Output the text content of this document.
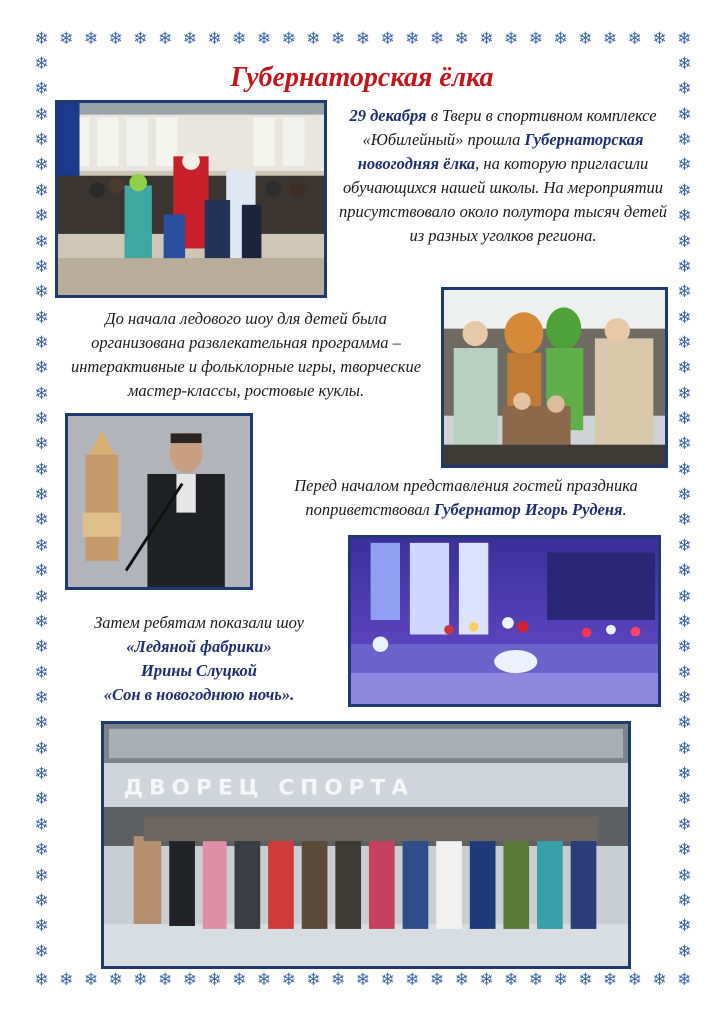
❄ ❄ ❄ ❄ ❄ ❄ ❄ ❄ ❄ ❄ ❄ ❄ ❄ ❄ ❄ ❄ ❄ ❄ ❄ ❄ ❄ ❄ ❄ ❄ ❄ ❄ ❄
❄ ❄ ❄ ❄ ❄ ❄ ❄ ❄ ❄ ❄ ❄ ❄ ❄ ❄ ❄ ❄ ❄ ❄ ❄ ❄ ❄ ❄ ❄ ❄ ❄ ❄ ❄
❄
❄
❄
❄
❄
❄
❄
❄
❄
❄
❄
❄
❄
❄
❄
❄
❄
❄
❄
❄
❄
❄
❄
❄
❄
❄
❄
❄
❄
❄
❄
❄
❄
❄
❄
❄
❄
❄
❄
❄
❄
❄
❄
❄
❄
❄
❄
❄
❄
❄
❄
❄
❄
❄
❄
❄
❄
❄
❄
❄
❄
❄
❄
❄
❄
❄
❄
❄
❄
❄
❄
❄
Губернаторская ёлка

29 декабря в Твери в спортивном комплексе «Юбилейный» прошла Губернаторская новогодняя ёлка, на которую пригласили обучающихся нашей школы. На мероприятии присутствовало около полутора тысяч детей из разных уголков региона.

До начала ледового шоу для детей была организована развлекательная программа – интерактивные и фольклорные игры, творческие мастер-классы, ростовые куклы.

Перед началом представления гостей праздника поприветствовал Губернатор Игорь Руденя.

Затем ребятам показали шоу

«Ледяной фабрики»

Ирины Слуцкой

«Сон в новогоднюю ночь».

ДВОРЕЦ СПОРТА
